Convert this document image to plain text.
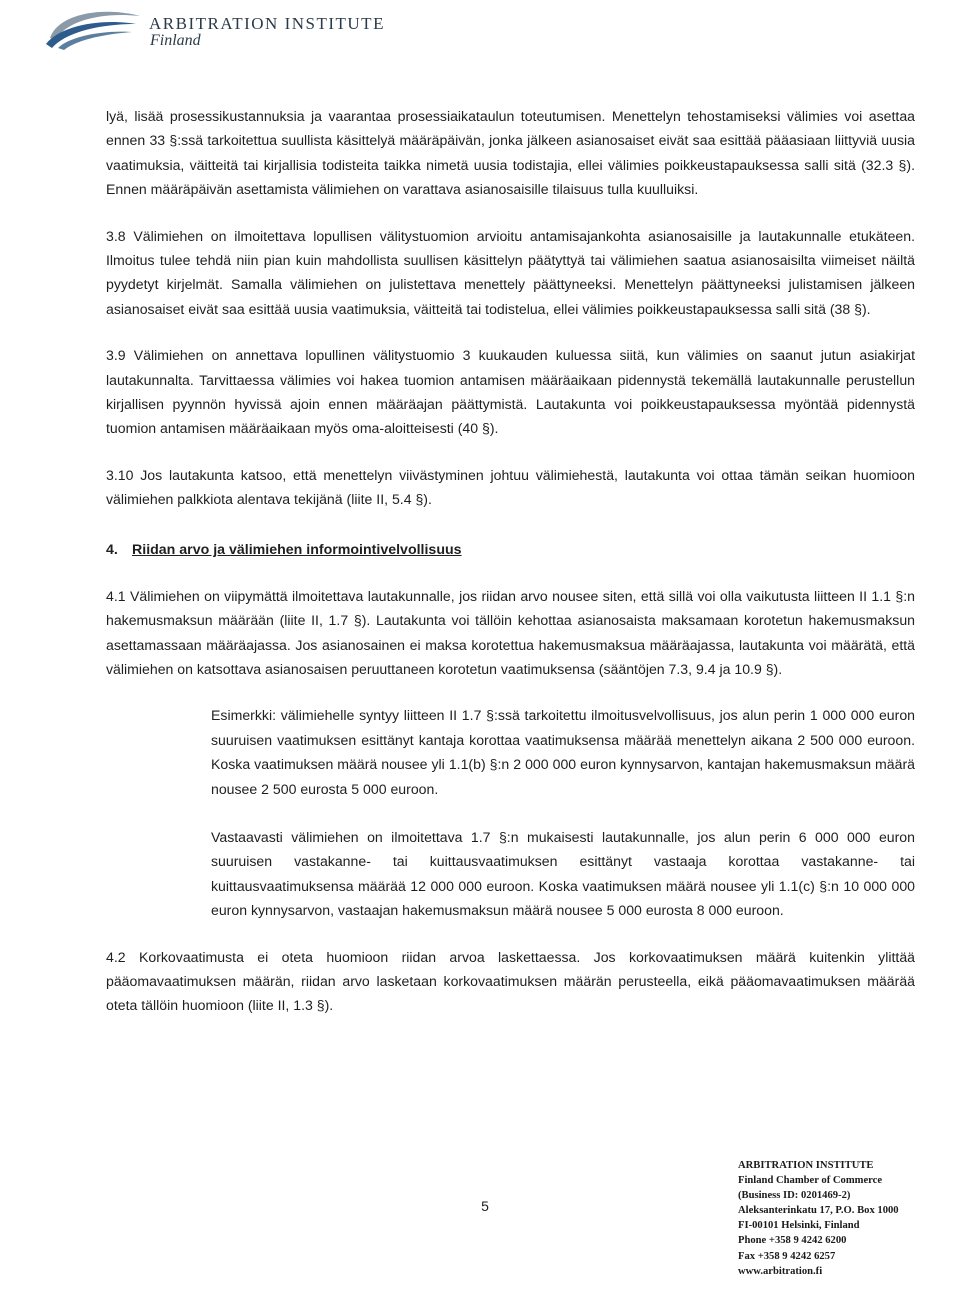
ARBITRATION INSTITUTE
Finland

lyä, lisää prosessikustannuksia ja vaarantaa prosessiaikataulun toteutumisen. Menettelyn tehostamiseksi välimies voi asettaa ennen 33 §:ssä tarkoitettua suullista käsittelyä määräpäivän, jonka jälkeen asianosaiset eivät saa esittää pääasiaan liittyviä uusia vaatimuksia, väitteitä tai kirjallisia todisteita taikka nimetä uusia todistajia, ellei välimies poikkeustapauksessa salli sitä (32.3 §). Ennen määräpäivän asettamista välimiehen on varattava asianosaisille tilaisuus tulla kuulluiksi.

3.8 Välimiehen on ilmoitettava lopullisen välitystuomion arvioitu antamisajankohta asianosaisille ja lautakunnalle etukäteen. Ilmoitus tulee tehdä niin pian kuin mahdollista suullisen käsittelyn päätyttyä tai välimiehen saatua asianosaisilta viimeiset näiltä pyydetyt kirjelmät. Samalla välimiehen on julistettava menettely päättyneeksi. Menettelyn päättyneeksi julistamisen jälkeen asianosaiset eivät saa esittää uusia vaatimuksia, väitteitä tai todistelua, ellei välimies poikkeustapauksessa salli sitä (38 §).

3.9 Välimiehen on annettava lopullinen välitystuomio 3 kuukauden kuluessa siitä, kun välimies on saanut jutun asiakirjat lautakunnalta. Tarvittaessa välimies voi hakea tuomion antamisen määräaikaan pidennystä tekemällä lautakunnalle perustellun kirjallisen pyynnön hyvissä ajoin ennen määräajan päättymistä. Lautakunta voi poikkeustapauksessa myöntää pidennystä tuomion antamisen määräaikaan myös oma-aloitteisesti (40 §).

3.10 Jos lautakunta katsoo, että menettelyn viivästyminen johtuu välimiehestä, lautakunta voi ottaa tämän seikan huomioon välimiehen palkkiota alentava tekijänä (liite II, 5.4 §).

4. Riidan arvo ja välimiehen informointivelvollisuus

4.1 Välimiehen on viipymättä ilmoitettava lautakunnalle, jos riidan arvo nousee siten, että sillä voi olla vaikutusta liitteen II 1.1 §:n hakemusmaksun määrään (liite II, 1.7 §). Lautakunta voi tällöin kehottaa asianosaista maksamaan korotetun hakemusmaksun asettamassaan määräajassa. Jos asianosainen ei maksa korotettua hakemusmaksua määräajassa, lautakunta voi määrätä, että välimiehen on katsottava asianosaisen peruuttaneen korotetun vaatimuksensa (sääntöjen 7.3, 9.4 ja 10.9 §).

Esimerkki: välimiehelle syntyy liitteen II 1.7 §:ssä tarkoitettu ilmoitusvelvollisuus, jos alun perin 1 000 000 euron suuruisen vaatimuksen esittänyt kantaja korottaa vaatimuksensa määrää menettelyn aikana 2 500 000 euroon. Koska vaatimuksen määrä nousee yli 1.1(b) §:n 2 000 000 euron kynnysarvon, kantajan hakemusmaksun määrä nousee 2 500 eurosta 5 000 euroon.

Vastaavasti välimiehen on ilmoitettava 1.7 §:n mukaisesti lautakunnalle, jos alun perin 6 000 000 euron suuruisen vastakanne- tai kuittausvaatimuksen esittänyt vastaaja korottaa vastakanne- tai kuittausvaatimuksensa määrää 12 000 000 euroon. Koska vaatimuksen määrä nousee yli 1.1(c) §:n 10 000 000 euron kynnysarvon, vastaajan hakemusmaksun määrä nousee 5 000 eurosta 8 000 euroon.

4.2 Korkovaatimusta ei oteta huomioon riidan arvoa laskettaessa. Jos korkovaatimuksen määrä kuitenkin ylittää pääomavaatimuksen määrän, riidan arvo lasketaan korkovaatimuksen määrän perusteella, eikä pääomavaatimuksen määrää oteta tällöin huomioon (liite II, 1.3 §).

5
ARBITRATION INSTITUTE
Finland Chamber of Commerce
(Business ID: 0201469-2)
Aleksanterinkatu 17, P.O. Box 1000
FI-00101 Helsinki, Finland
Phone +358 9 4242 6200
Fax +358 9 4242 6257
www.arbitration.fi
